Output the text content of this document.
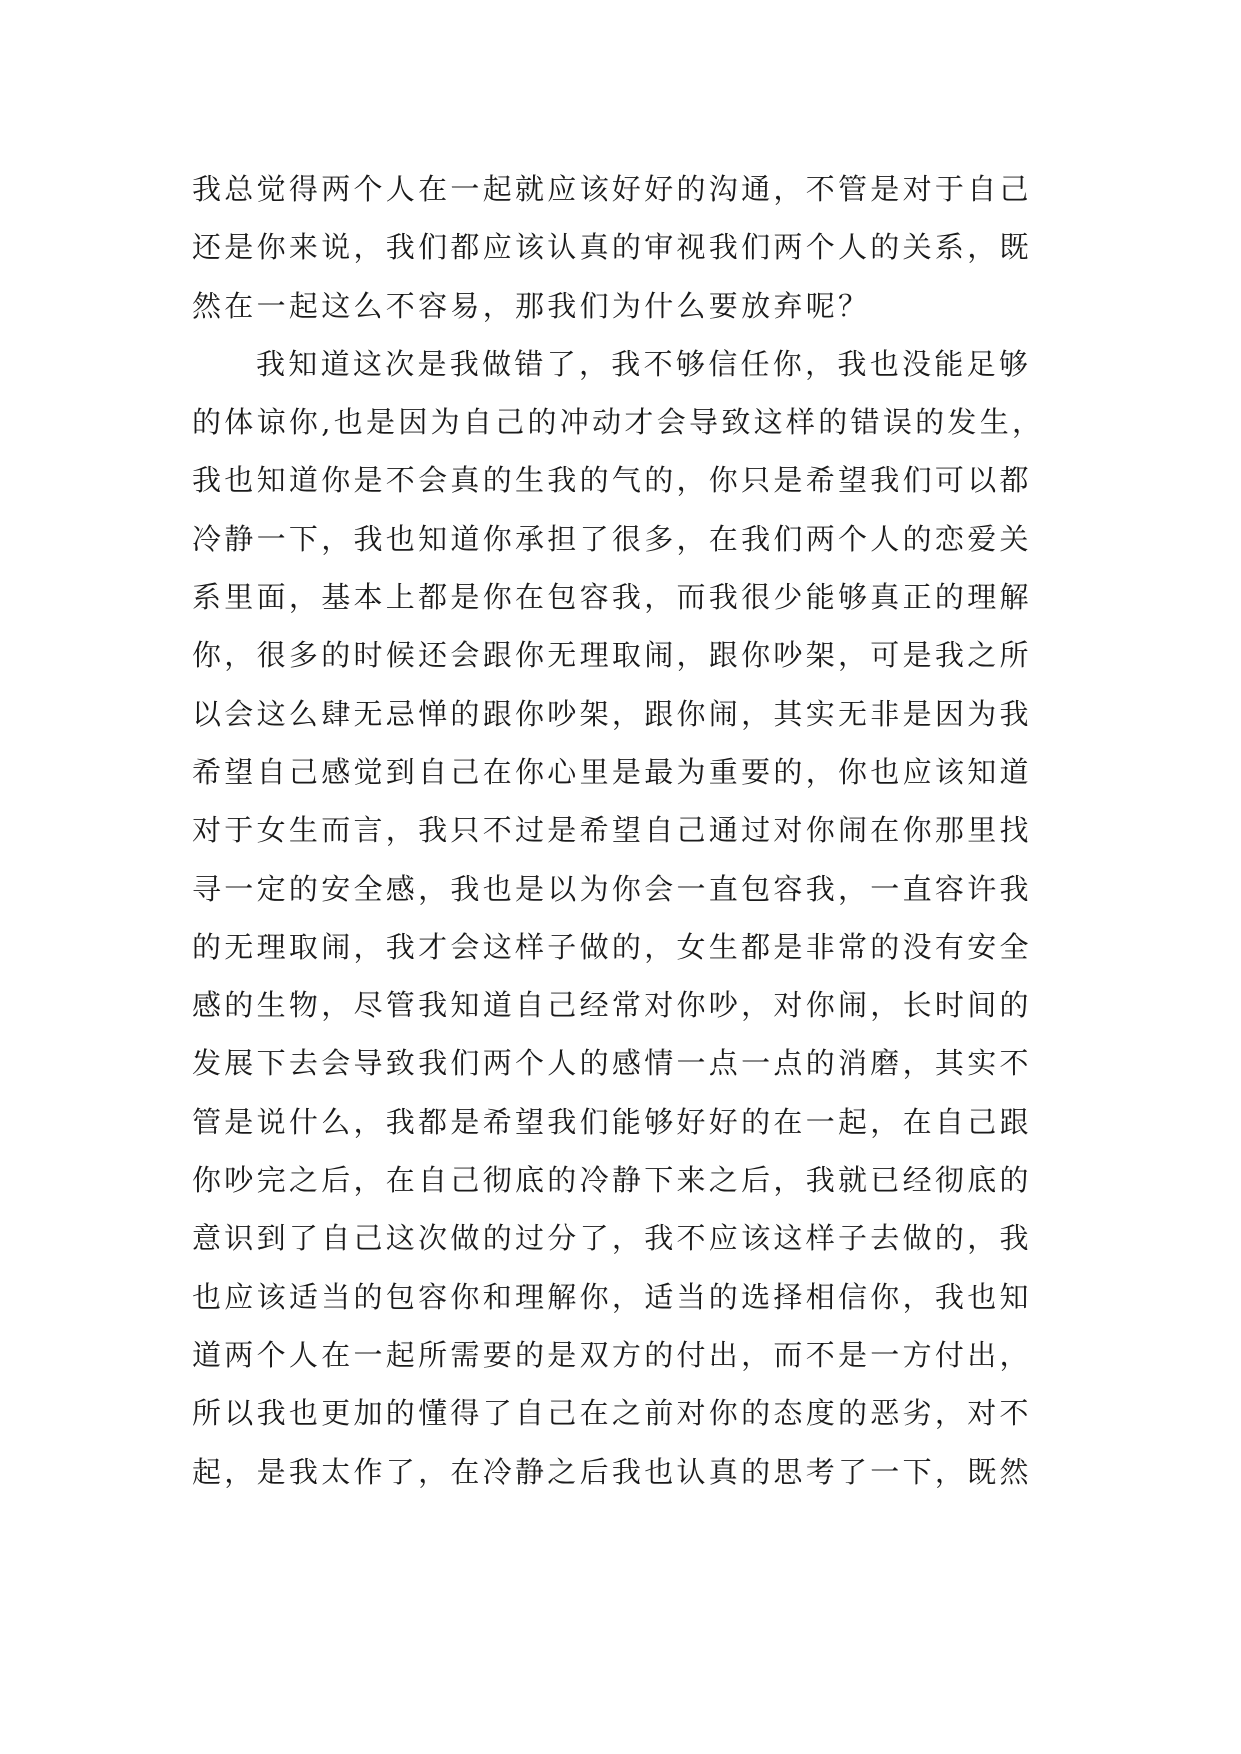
我总觉得两个人在一起就应该好好的沟通，不管是对于自己
还是你来说，我们都应该认真的审视我们两个人的关系，既
然在一起这么不容易，那我们为什么要放弃呢？
我知道这次是我做错了，我不够信任你，我也没能足够
的体谅你,也是因为自己的冲动才会导致这样的错误的发生，
我也知道你是不会真的生我的气的，你只是希望我们可以都
冷静一下，我也知道你承担了很多，在我们两个人的恋爱关
系里面，基本上都是你在包容我，而我很少能够真正的理解
你，很多的时候还会跟你无理取闹，跟你吵架，可是我之所
以会这么肆无忌惮的跟你吵架，跟你闹，其实无非是因为我
希望自己感觉到自己在你心里是最为重要的，你也应该知道
对于女生而言，我只不过是希望自己通过对你闹在你那里找
寻一定的安全感，我也是以为你会一直包容我，一直容许我
的无理取闹，我才会这样子做的，女生都是非常的没有安全
感的生物，尽管我知道自己经常对你吵，对你闹，长时间的
发展下去会导致我们两个人的感情一点一点的消磨，其实不
管是说什么，我都是希望我们能够好好的在一起，在自己跟
你吵完之后，在自己彻底的冷静下来之后，我就已经彻底的
意识到了自己这次做的过分了，我不应该这样子去做的，我
也应该适当的包容你和理解你，适当的选择相信你，我也知
道两个人在一起所需要的是双方的付出，而不是一方付出，
所以我也更加的懂得了自己在之前对你的态度的恶劣，对不
起，是我太作了，在冷静之后我也认真的思考了一下，既然
